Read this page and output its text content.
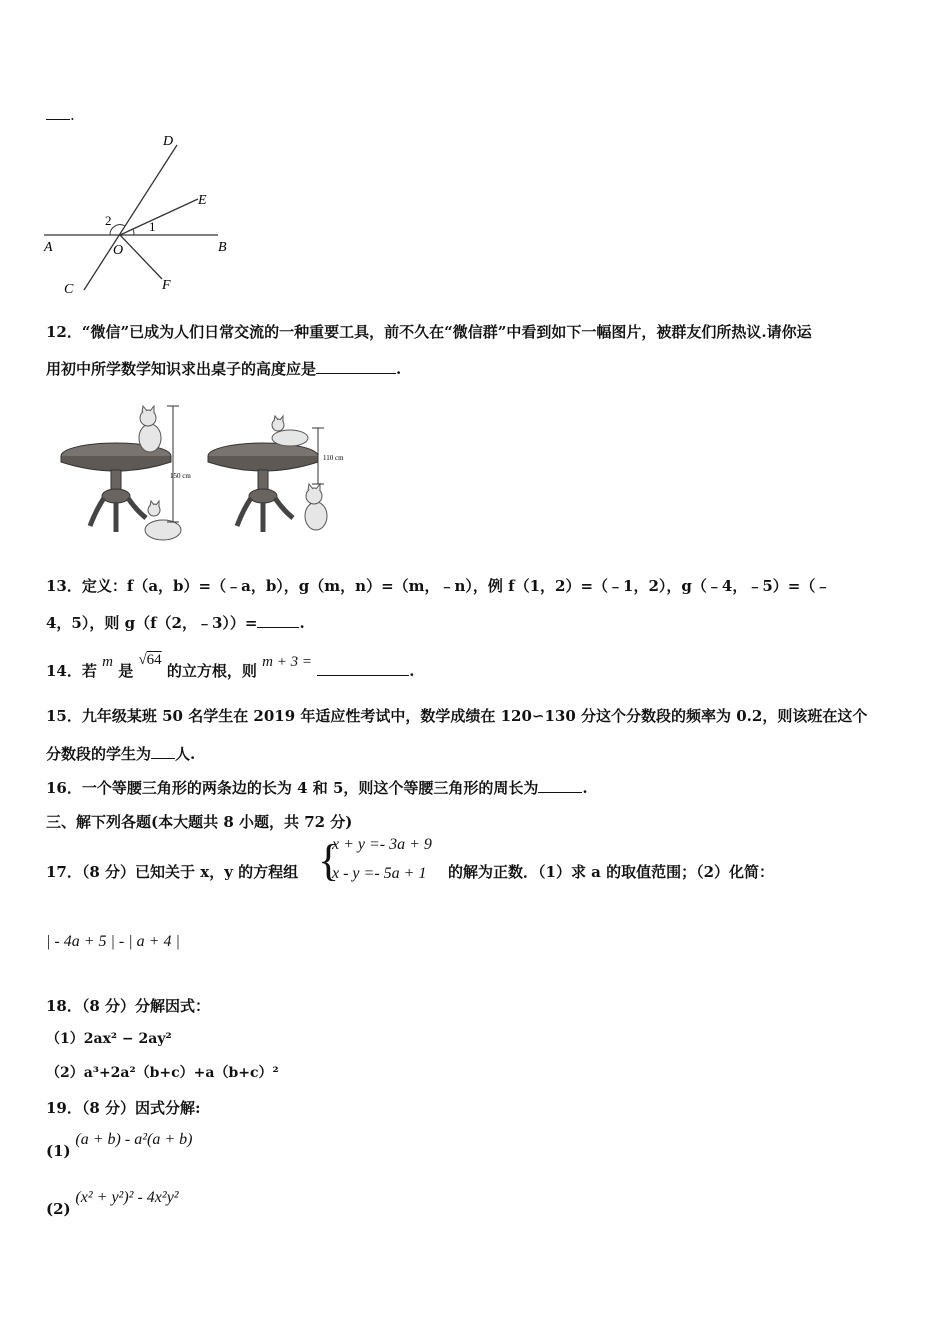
.
A	B
C
D
E
F
O
1
2
12．“微信”已成为人们日常交流的一种重要工具，前不久在“微信群”中看到如下一幅图片，被群友们所热议.请你运
用初中所学数学知识求出桌子的高度应是	.
150 cm
110 cm
13．定义：f（a，b）=（﹣a，b），g（m，n）=（m，﹣n），例 f（1，2）=（﹣1，2），g（﹣4，﹣5）=（﹣
4，5），则 g（f（2，﹣3））=	.
14．若 m 是 √64 的立方根，则 m + 3 =	.
15．九年级某班 50 名学生在 2019 年适应性考试中，数学成绩在 120∽130 分这个分数段的频率为 0.2，则该班在这个
分数段的学生为 人.
16．一个等腰三角形的两条边的长为 4 和 5，则这个等腰三角形的周长为	.
三、解下列各题(本大题共 8 小题，共 72 分)
17．（8 分）已知关于 x，y 的方程组 {
x + y =- 3a + 9
x - y =- 5a + 1 的解为正数．（1）求 a 的取值范围；（2）化简：
| - 4a + 5 | - | a + 4 |
18．（8 分）分解因式：
（1）2ax² − 2ay²
（2）a³+2a²（b+c）+a（b+c）²
19．（8 分）因式分解:
(1) (a + b) - a²(a + b)
(2) (x² + y²)² - 4x²y²
